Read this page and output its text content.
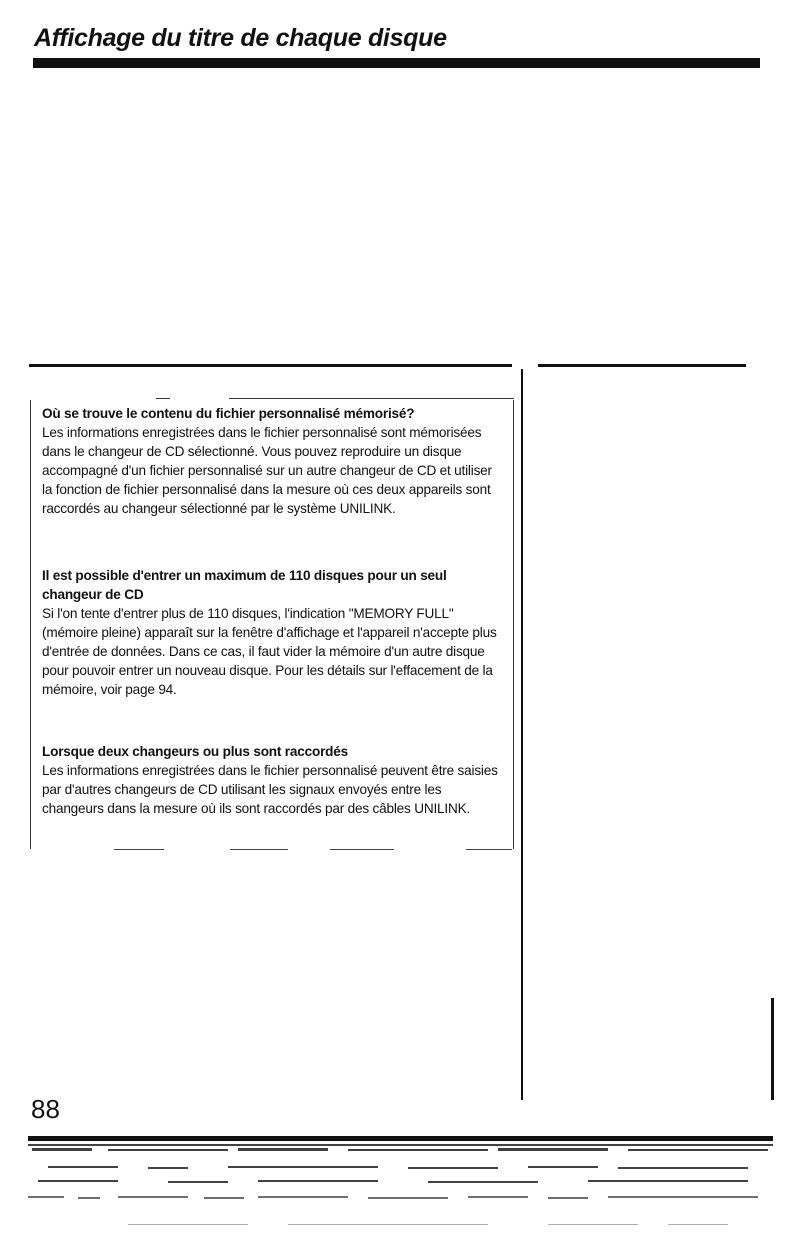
Affichage du titre de chaque disque

Où se trouve le contenu du fichier personnalisé mémorisé?

Les informations enregistrées dans le fichier personnalisé sont mémorisées dans le changeur de CD sélectionné. Vous pouvez reproduire un disque accompagné d'un fichier personnalisé sur un autre changeur de CD et utiliser la fonction de fichier personnalisé dans la mesure où ces deux appareils sont raccordés au changeur sélectionné par le système UNILINK.

Il est possible d'entrer un maximum de 110 disques pour un seul changeur de CD

Si l'on tente d'entrer plus de 110 disques, l'indication "MEMORY FULL" (mémoire pleine) apparaît sur la fenêtre d'affichage et l'appareil n'accepte plus d'entrée de données. Dans ce cas, il faut vider la mémoire d'un autre disque pour pouvoir entrer un nouveau disque. Pour les détails sur l'effacement de la mémoire, voir page 94.

Lorsque deux changeurs ou plus sont raccordés

Les informations enregistrées dans le fichier personnalisé peuvent être saisies par d'autres changeurs de CD utilisant les signaux envoyés entre les changeurs dans la mesure où ils sont raccordés par des câbles UNILINK.

88
